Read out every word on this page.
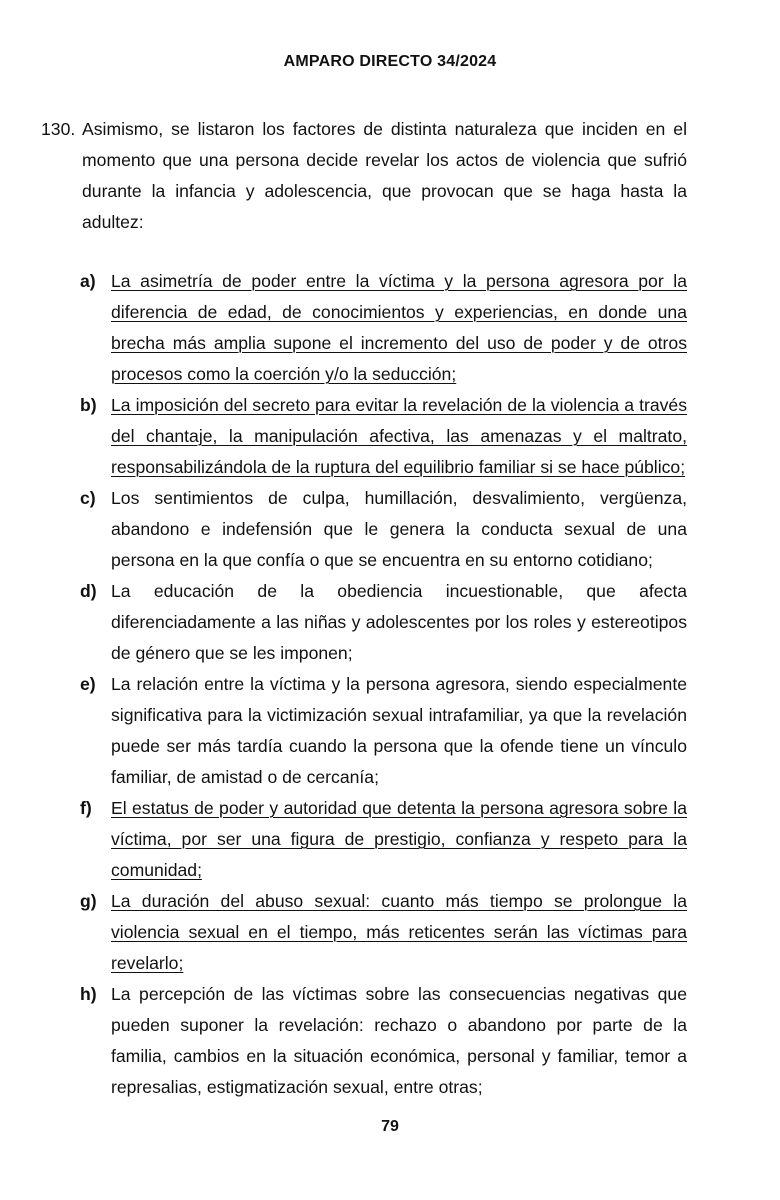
AMPARO DIRECTO 34/2024
130. Asimismo, se listaron los factores de distinta naturaleza que inciden en el momento que una persona decide revelar los actos de violencia que sufrió durante la infancia y adolescencia, que provocan que se haga hasta la adultez:
a) La asimetría de poder entre la víctima y la persona agresora por la diferencia de edad, de conocimientos y experiencias, en donde una brecha más amplia supone el incremento del uso de poder y de otros procesos como la coerción y/o la seducción;
b) La imposición del secreto para evitar la revelación de la violencia a través del chantaje, la manipulación afectiva, las amenazas y el maltrato, responsabilizándola de la ruptura del equilibrio familiar si se hace público;
c) Los sentimientos de culpa, humillación, desvalimiento, vergüenza, abandono e indefensión que le genera la conducta sexual de una persona en la que confía o que se encuentra en su entorno cotidiano;
d) La educación de la obediencia incuestionable, que afecta diferenciadamente a las niñas y adolescentes por los roles y estereotipos de género que se les imponen;
e) La relación entre la víctima y la persona agresora, siendo especialmente significativa para la victimización sexual intrafamiliar, ya que la revelación puede ser más tardía cuando la persona que la ofende tiene un vínculo familiar, de amistad o de cercanía;
f) El estatus de poder y autoridad que detenta la persona agresora sobre la víctima, por ser una figura de prestigio, confianza y respeto para la comunidad;
g) La duración del abuso sexual: cuanto más tiempo se prolongue la violencia sexual en el tiempo, más reticentes serán las víctimas para revelarlo;
h) La percepción de las víctimas sobre las consecuencias negativas que pueden suponer la revelación: rechazo o abandono por parte de la familia, cambios en la situación económica, personal y familiar, temor a represalias, estigmatización sexual, entre otras;
79
